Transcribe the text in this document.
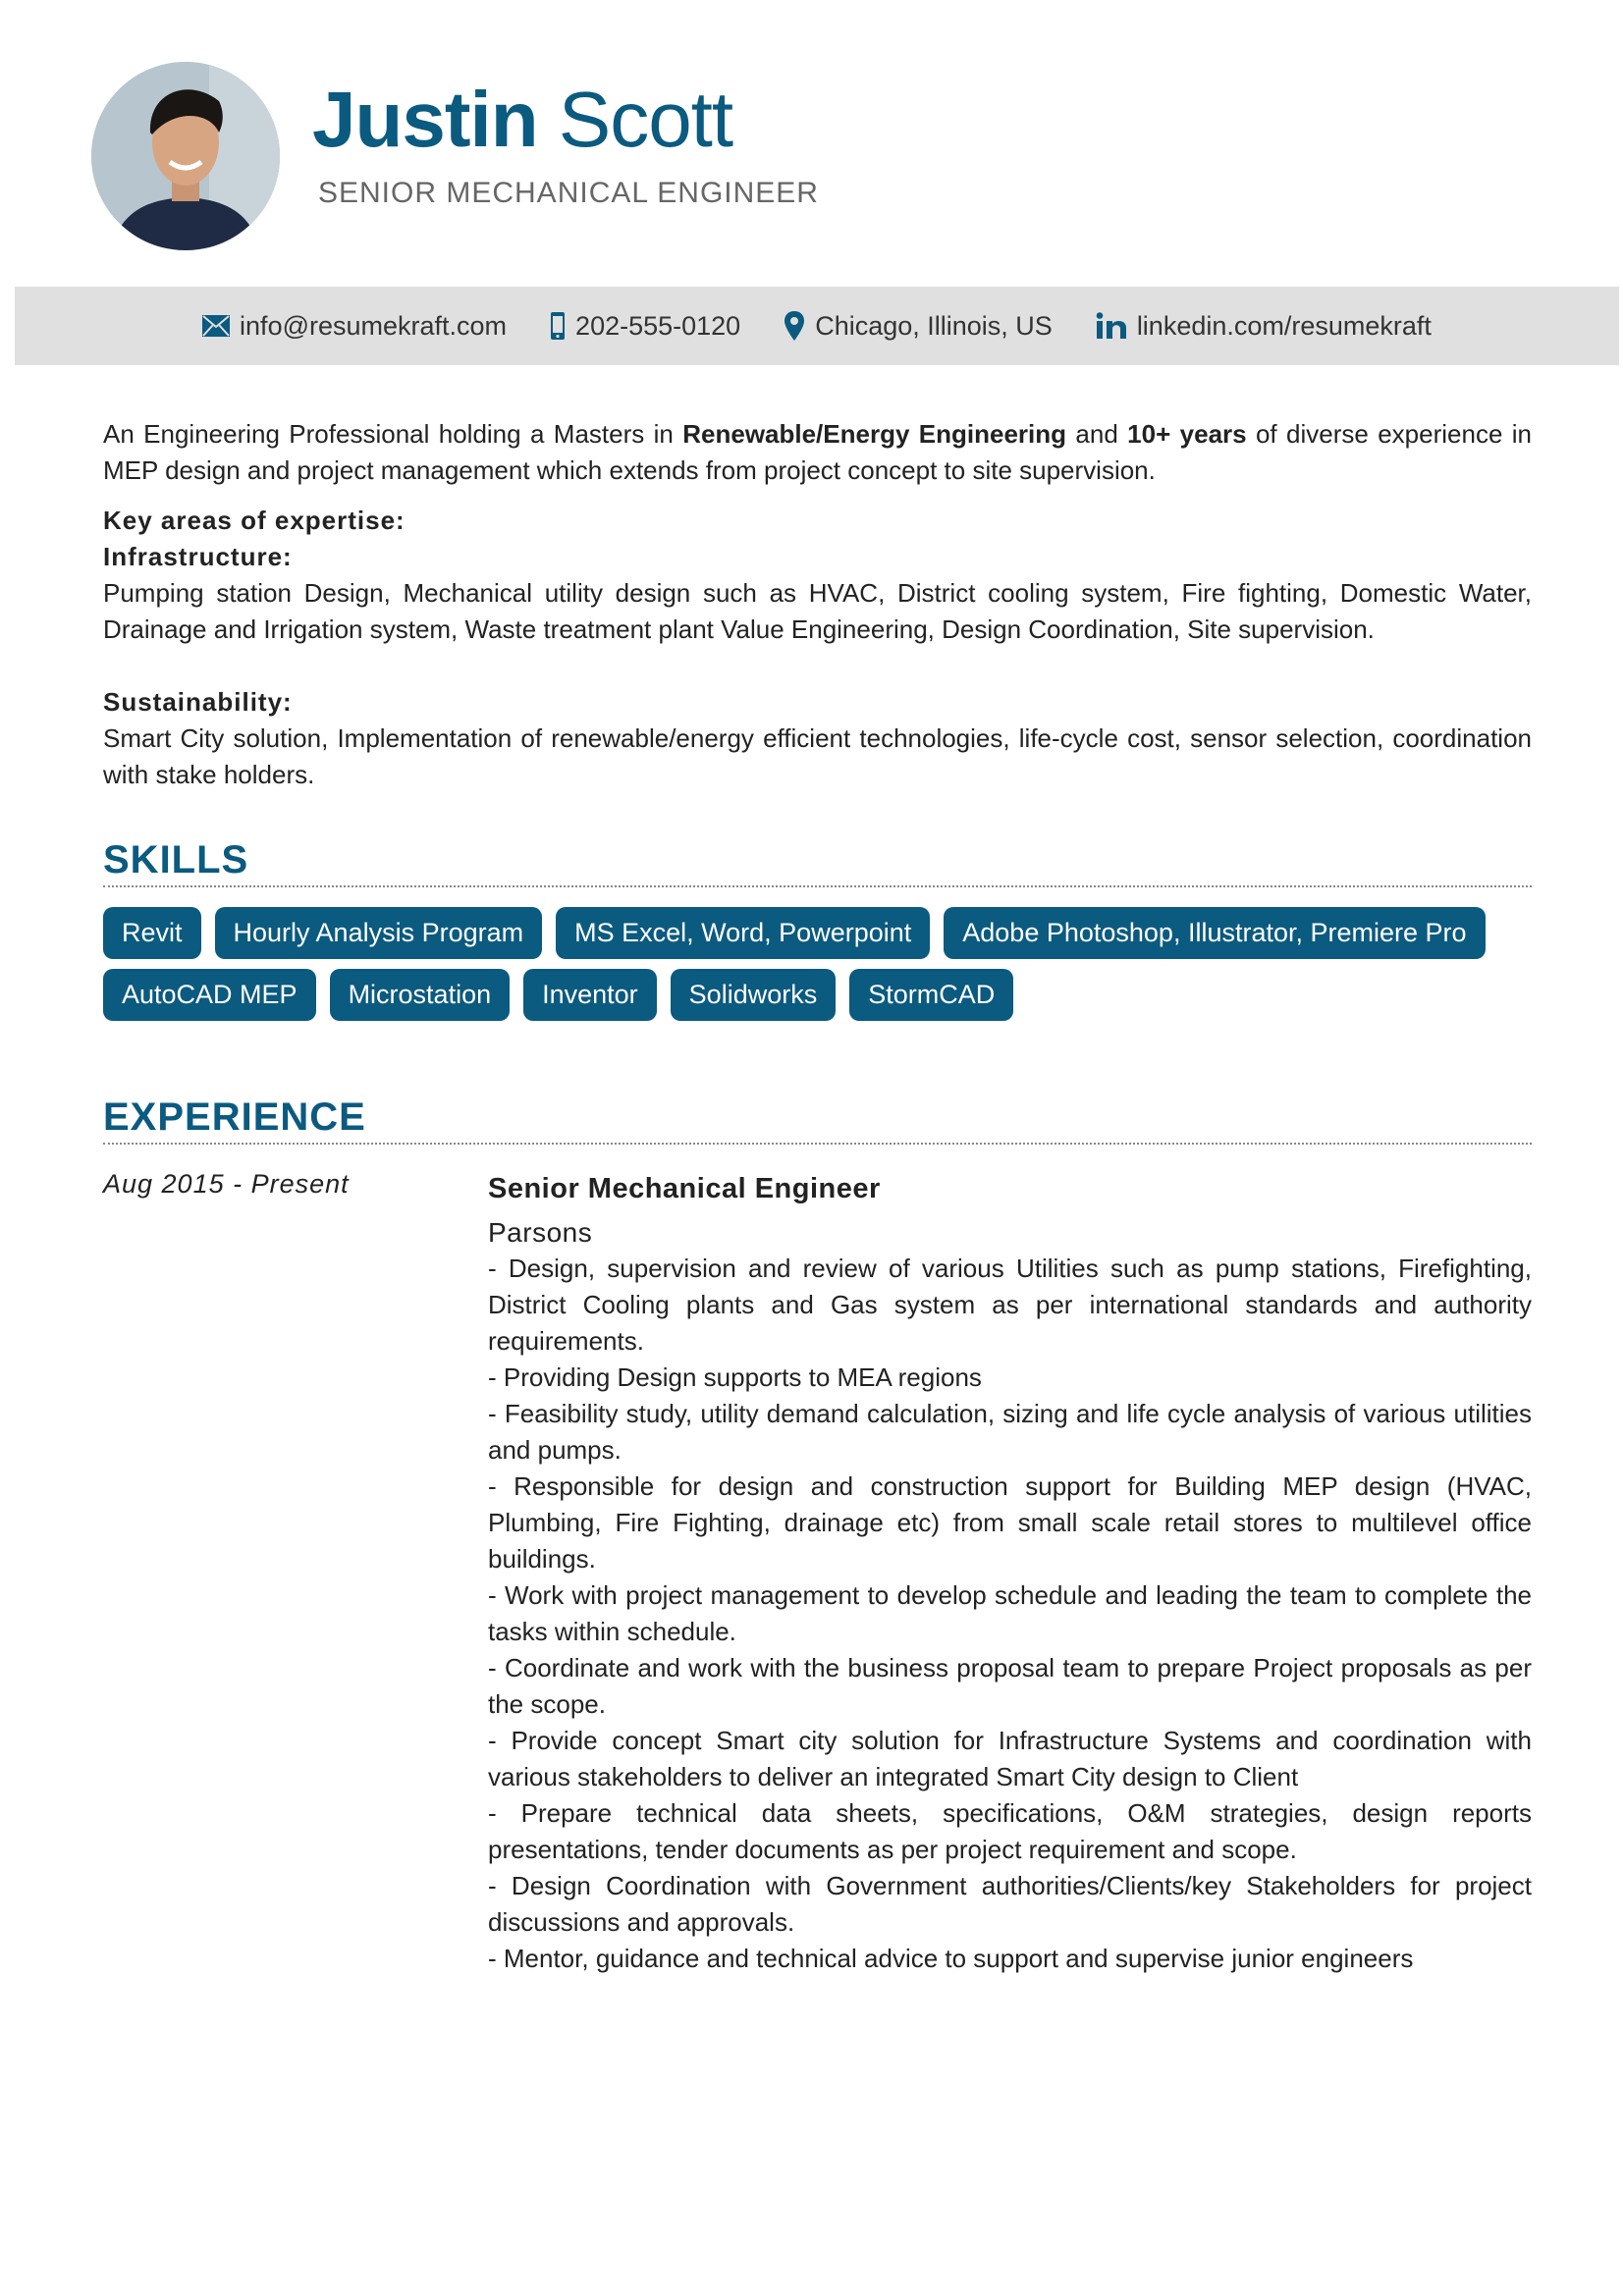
Justin Scott
SENIOR MECHANICAL ENGINEER
info@resumekraft.com	202-555-0120	Chicago, Illinois, US	linkedin.com/resumekraft

An Engineering Professional holding a Masters in Renewable/Energy Engineering and 10+ years of diverse experience in MEP design and project management which extends from project concept to site supervision.

Key areas of expertise:
Infrastructure:

Pumping station Design, Mechanical utility design such as HVAC, District cooling system, Fire fighting, Domestic Water, Drainage and Irrigation system, Waste treatment plant Value Engineering, Design Coordination, Site supervision.

Sustainability:

Smart City solution, Implementation of renewable/energy efficient technologies, life-cycle cost, sensor selection, coordination with stake holders.

SKILLS
Revit	Hourly Analysis Program	MS Excel, Word, Powerpoint	Adobe Photoshop, Illustrator, Premiere Pro
AutoCAD MEP	Microstation	Inventor	Solidworks	StormCAD
EXPERIENCE
Aug 2015 - Present	Senior Mechanical Engineer
Parsons

- Design, supervision and review of various Utilities such as pump stations, Firefighting, District Cooling plants and Gas system as per international standards and authority requirements.

- Providing Design supports to MEA regions

- Feasibility study, utility demand calculation, sizing and life cycle analysis of various utilities and pumps.

- Responsible for design and construction support for Building MEP design (HVAC, Plumbing, Fire Fighting, drainage etc) from small scale retail stores to multilevel office buildings.

- Work with project management to develop schedule and leading the team to complete the tasks within schedule.

- Coordinate and work with the business proposal team to prepare Project proposals as per the scope.

- Provide concept Smart city solution for Infrastructure Systems and coordination with various stakeholders to deliver an integrated Smart City design to Client

- Prepare technical data sheets, specifications, O&M strategies, design reports presentations, tender documents as per project requirement and scope.

- Design Coordination with Government authorities/Clients/key Stakeholders for project discussions and approvals.

- Mentor, guidance and technical advice to support and supervise junior engineers
